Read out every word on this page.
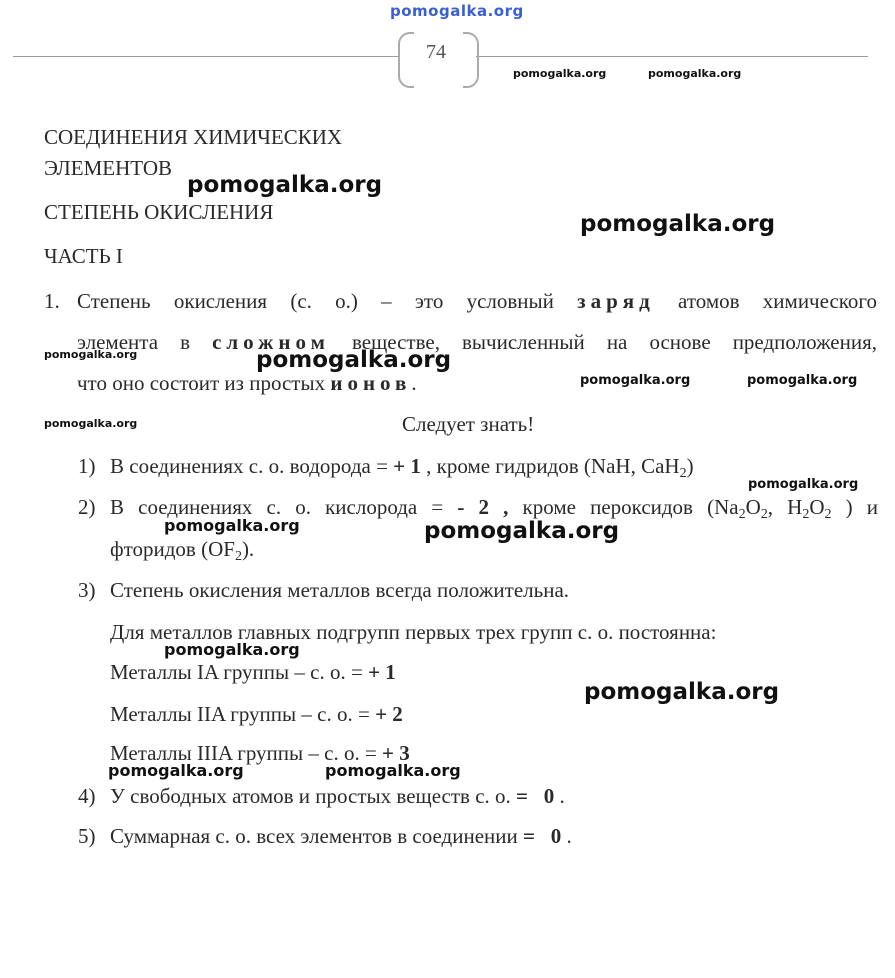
pomogalka.org
74
pomogalka.org	pomogalka.org
СОЕДИНЕНИЯ ХИМИЧЕСКИХ
ЭЛЕМЕНТОВ
СТЕПЕНЬ ОКИСЛЕНИЯ
ЧАСТЬ I
1. Степень окисления (с. о.) – это условный заряд атомов химического
элемента в сложном веществе, вычисленный на основе предположения,
что оно состоит из простых ионов.
Следует знать!
1) В соединениях с. о. водорода = + 1 , кроме гидридов (NaH, CaH$_2$)
2) В соединениях с. о. кислорода = - 2 , кроме пероксидов ($Na_2O_2$, $H_2O_2$ ) и
фторидов $(OF_2)$.
3) Степень окисления металлов всегда положительна.
Для металлов главных подгрупп первых трех групп с. о. постоянна:
Металлы IA группы – с. о. = + 1
Металлы IIA группы – с. о. = + 2
Металлы IIIA группы – с. о. = + 3
4) У свободных атомов и простых веществ с. о. =   0 .
5) Суммарная с. о. всех элементов в соединении =   0 .
pomogalka.org
pomogalka.org
pomogalka.org	pomogalka.org
pomogalka.org	pomogalka.org
pomogalka.org
pomogalka.org
pomogalka.org	pomogalka.org
pomogalka.org
pomogalka.org
pomogalka.org	pomogalka.org
